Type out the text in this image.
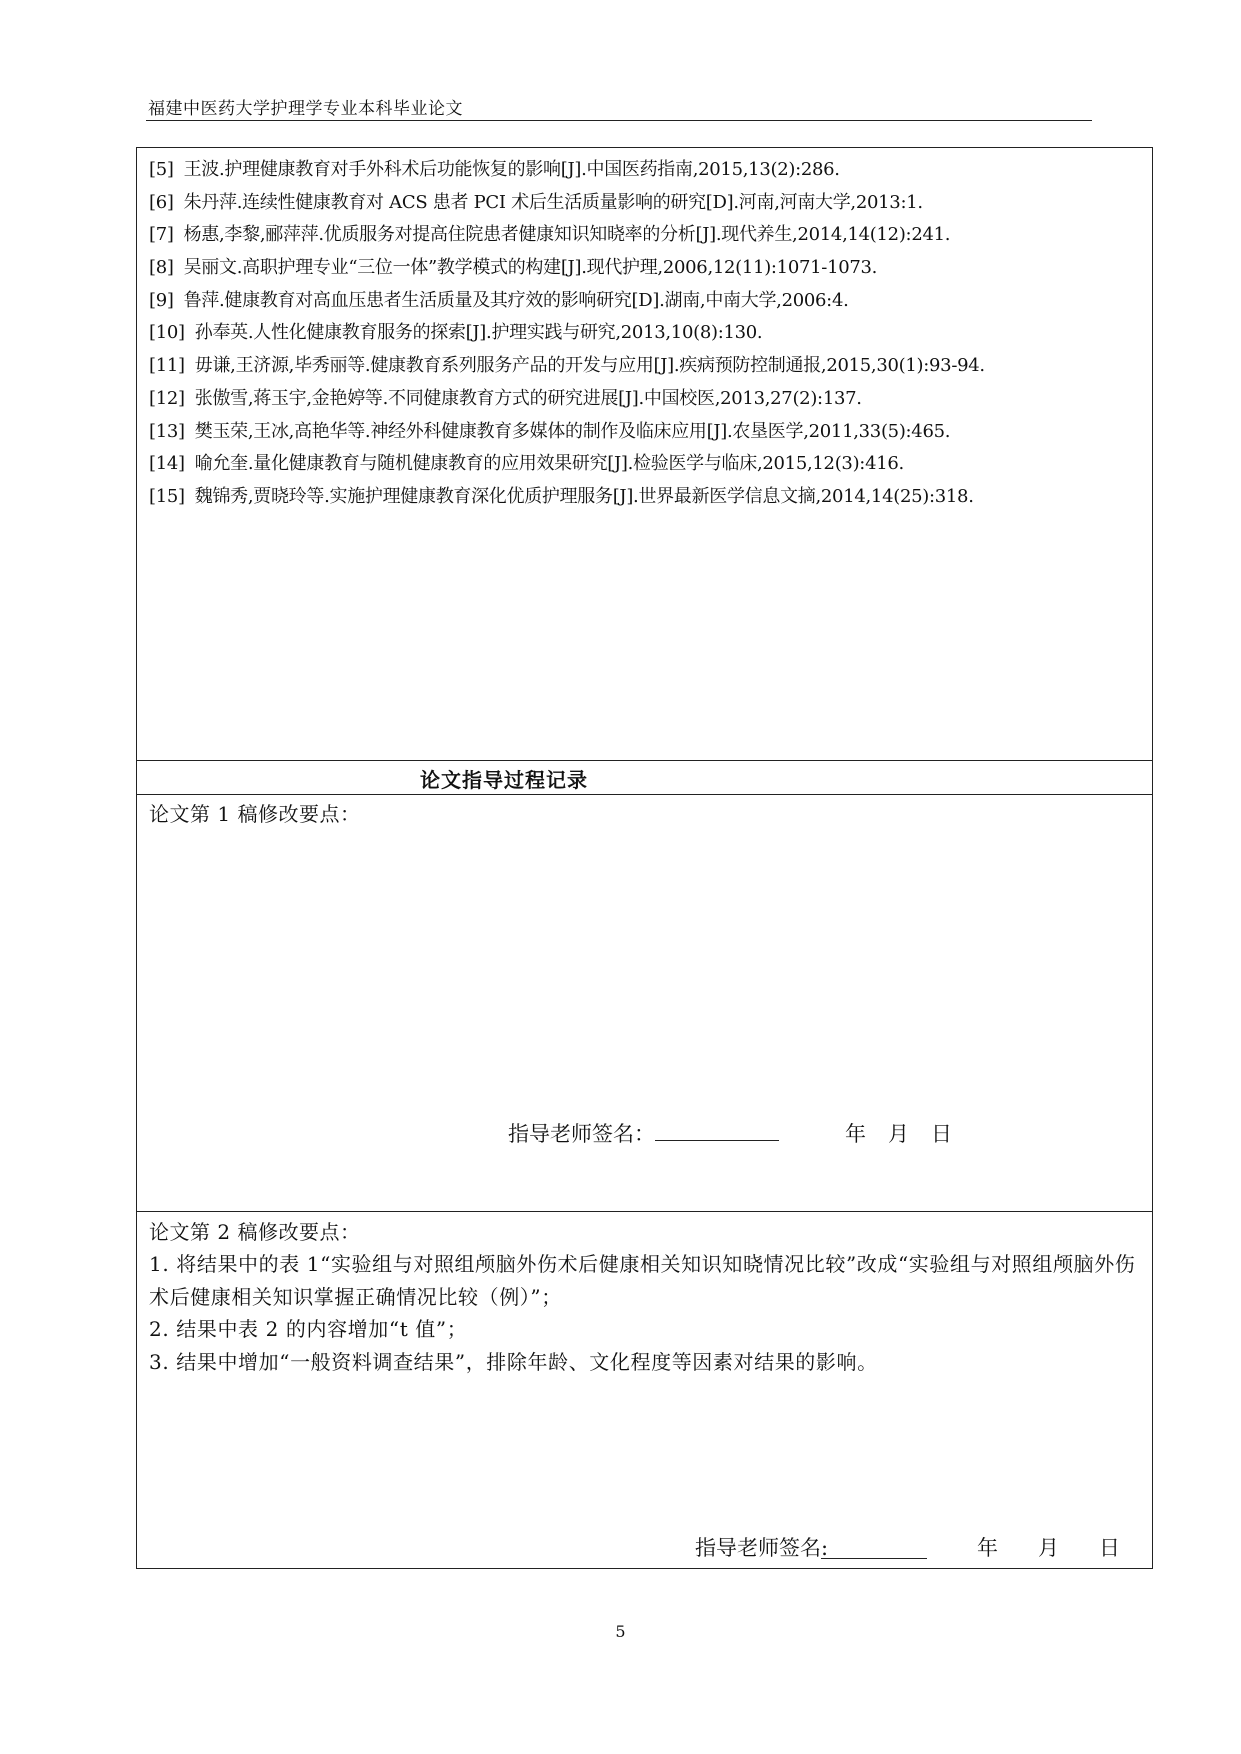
福建中医药大学护理学专业本科毕业论文
[5] 王波.护理健康教育对手外科术后功能恢复的影响[J].中国医药指南,2015,13(2):286.
[6] 朱丹萍.连续性健康教育对 ACS 患者 PCI 术后生活质量影响的研究[D].河南,河南大学,2013:1.
[7] 杨惠,李黎,郦萍萍.优质服务对提高住院患者健康知识知晓率的分析[J].现代养生,2014,14(12):241.
[8] 吴丽文.高职护理专业“三位一体”教学模式的构建[J].现代护理,2006,12(11):1071-1073.
[9] 鲁萍.健康教育对高血压患者生活质量及其疗效的影响研究[D].湖南,中南大学,2006:4.
[10] 孙奉英.人性化健康教育服务的探索[J].护理实践与研究,2013,10(8):130.
[11] 毋谦,王济源,毕秀丽等.健康教育系列服务产品的开发与应用[J].疾病预防控制通报,2015,30(1):93-94.
[12] 张傲雪,蒋玉宇,金艳婷等.不同健康教育方式的研究进展[J].中国校医,2013,27(2):137.
[13] 樊玉荣,王冰,高艳华等.神经外科健康教育多媒体的制作及临床应用[J].农垦医学,2011,33(5):465.
[14] 喻允奎.量化健康教育与随机健康教育的应用效果研究[J].检验医学与临床,2015,12(3):416.
[15] 魏锦秀,贾晓玲等.实施护理健康教育深化优质护理服务[J].世界最新医学信息文摘,2014,14(25):318.
论文指导过程记录
论文第 1 稿修改要点：
指导老师签名：	年 月 日
论文第 2 稿修改要点：
1. 将结果中的表 1“实验组与对照组颅脑外伤术后健康相关知识知晓情况比较”改成“实验组与对照组颅脑外伤术后健康相关知识掌握正确情况比较（例）”；
2. 结果中表 2 的内容增加“t 值”；
3. 结果中增加“一般资料调查结果”，排除年龄、文化程度等因素对结果的影响。
指导老师签名:	年 月 日
5
